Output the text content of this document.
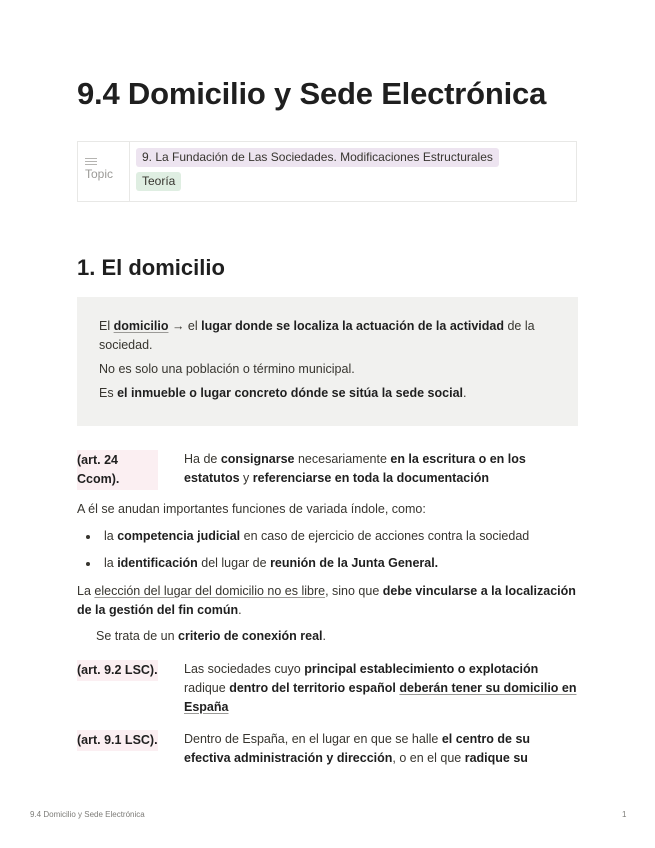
9.4 Domicilio y Sede Electrónica
Topic
9. La Fundación de Las Sociedades. Modificaciones Estructurales
Teoría
1. El domicilio

El domicilio → el lugar donde se localiza la actuación de la actividad de la sociedad.

No es solo una población o término municipal.

Es el inmueble o lugar concreto dónde se sitúa la sede social.

(art. 24 Ccom).
Ha de consignarse necesariamente en la escritura o en los estatutos y referenciarse en toda la documentación

A él se anudan importantes funciones de variada índole, como:

la competencia judicial en caso de ejercicio de acciones contra la sociedad
la identificación del lugar de reunión de la Junta General.

La elección del lugar del domicilio no es libre, sino que debe vincularse a la localización de la gestión del fin común.

Se trata de un criterio de conexión real.

(art. 9.2 LSC). Las sociedades cuyo principal establecimiento o explotación radique dentro del territorio español deberán tener su domicilio en España
(art. 9.1 LSC). Dentro de España, en el lugar en que se halle el centro de su efectiva administración y dirección, o en el que radique su
9.4 Domicilio y Sede Electrónica	1
